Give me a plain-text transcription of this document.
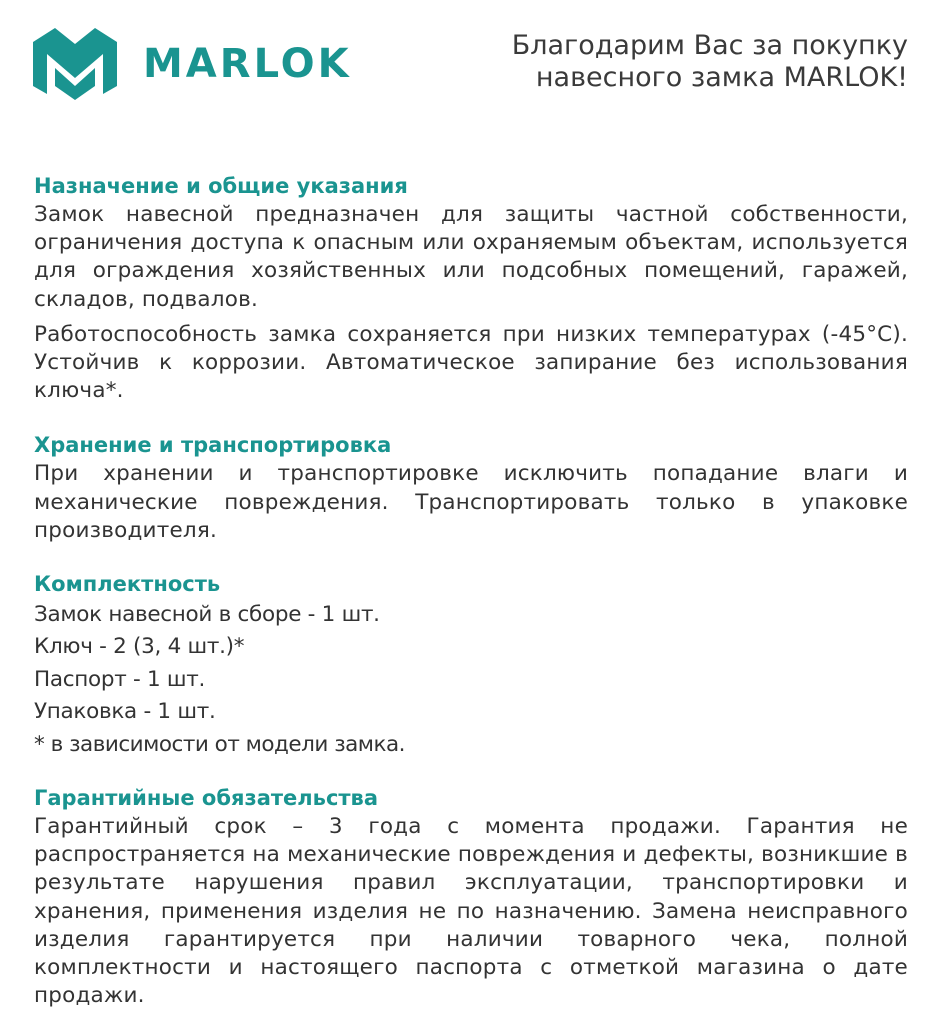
MARLOK	Благодарим Вас за покупку
навесного замка MARLOK!
Назначение и общие указания

Замок навесной предназначен для защиты частной собственности, ограничения доступа к опасным или охраняемым объектам, используется для ограждения хозяйственных или подсобных помещений, гаражей, складов, подвалов.

Работоспособность замка сохраняется при низких температурах (-45°С). Устойчив к коррозии. Автоматическое запирание без использования ключа*.

Хранение и транспортировка

При хранении и транспортировке исключить попадание влаги и механические повреждения. Транспортировать только в упаковке производителя.

Комплектность

Замок навесной в сборе - 1 шт.

Ключ - 2 (3, 4 шт.)*

Паспорт - 1 шт.

Упаковка - 1 шт.

* в зависимости от модели замка.

Гарантийные обязательства

Гарантийный срок – 3 года с момента продажи. Гарантия не распространяется на механические повреждения и дефекты, возникшие в результате нарушения правил эксплуатации, транспортировки и хранения, применения изделия не по назначению. Замена неисправного изделия гарантируется при наличии товарного чека, полной комплектности и настоящего паспорта с отметкой магазина о дате продажи.
